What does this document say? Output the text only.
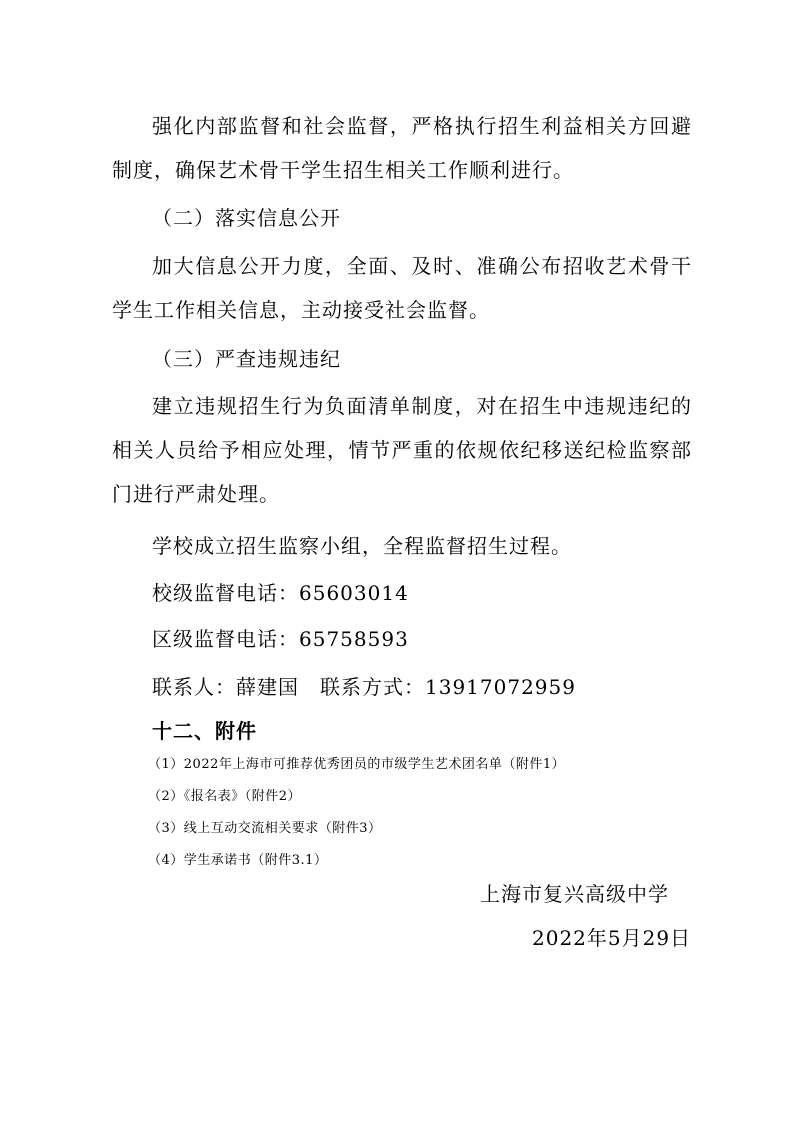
强化内部监督和社会监督，严格执行招生利益相关方回避制度，确保艺术骨干学生招生相关工作顺利进行。
（二）落实信息公开
加大信息公开力度，全面、及时、准确公布招收艺术骨干学生工作相关信息，主动接受社会监督。
（三）严查违规违纪
建立违规招生行为负面清单制度，对在招生中违规违纪的相关人员给予相应处理，情节严重的依规依纪移送纪检监察部门进行严肃处理。
学校成立招生监察小组，全程监督招生过程。
校级监督电话：65603014
区级监督电话：65758593
联系人：薛建国　联系方式：13917072959
十二、附件
（1）2022年上海市可推荐优秀团员的市级学生艺术团名单（附件1）
（2）《报名表》（附件2）
（3）线上互动交流相关要求（附件3）
（4）学生承诺书（附件3.1）
上海市复兴高级中学
2022年5月29日
